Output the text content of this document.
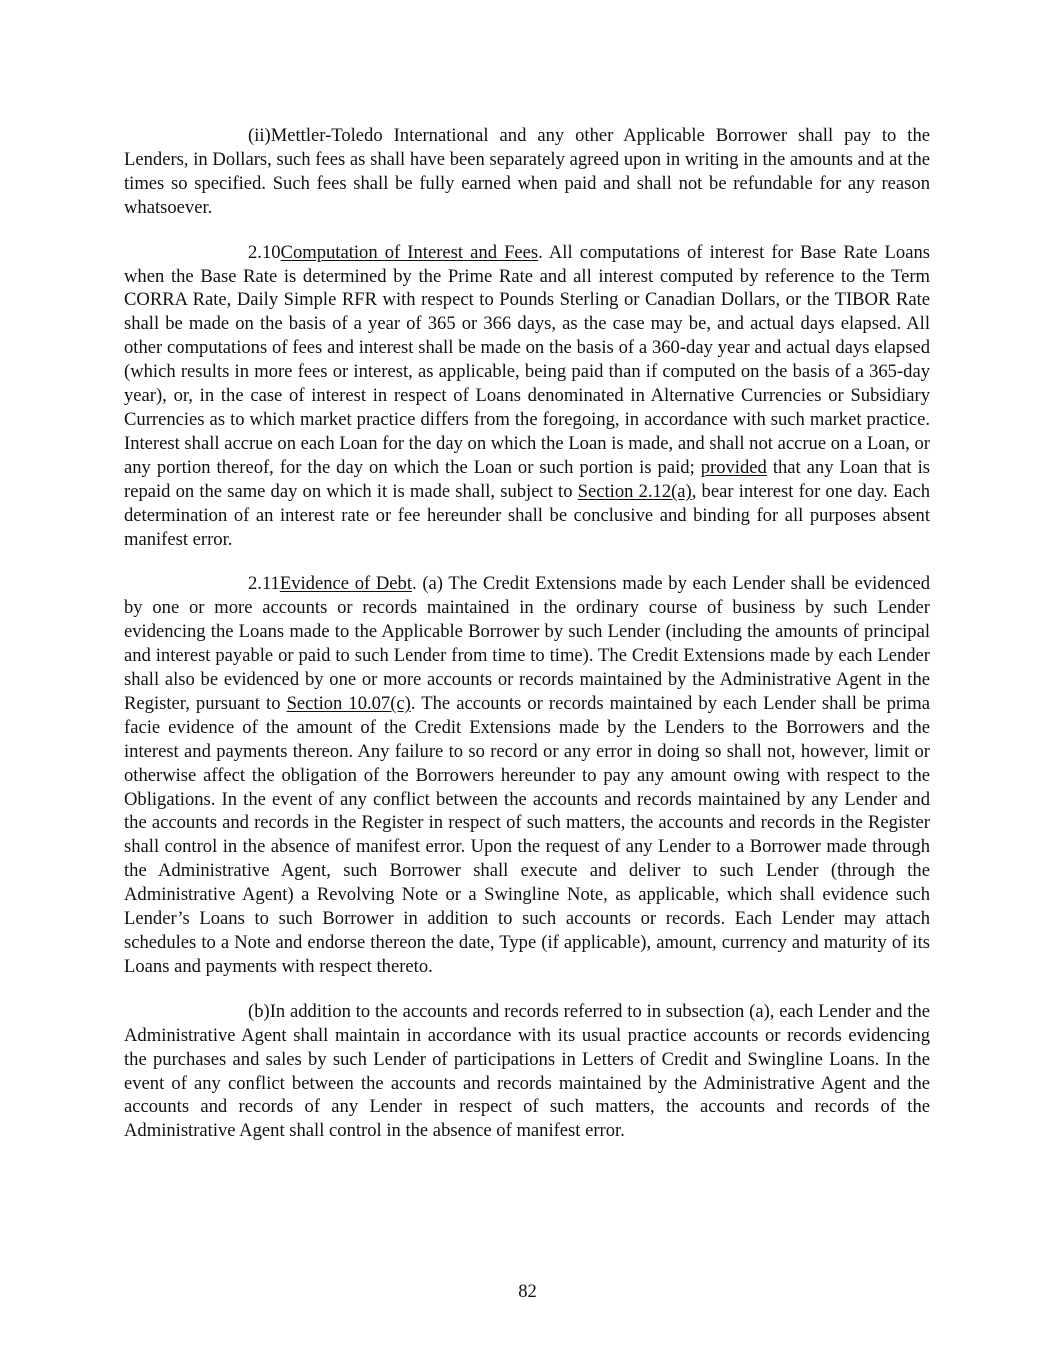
(ii)Mettler-Toledo International and any other Applicable Borrower shall pay to the Lenders, in Dollars, such fees as shall have been separately agreed upon in writing in the amounts and at the times so specified. Such fees shall be fully earned when paid and shall not be refundable for any reason whatsoever.

2.10Computation of Interest and Fees. All computations of interest for Base Rate Loans when the Base Rate is determined by the Prime Rate and all interest computed by reference to the Term CORRA Rate, Daily Simple RFR with respect to Pounds Sterling or Canadian Dollars, or the TIBOR Rate shall be made on the basis of a year of 365 or 366 days, as the case may be, and actual days elapsed. All other computations of fees and interest shall be made on the basis of a 360-day year and actual days elapsed (which results in more fees or interest, as applicable, being paid than if computed on the basis of a 365-day year), or, in the case of interest in respect of Loans denominated in Alternative Currencies or Subsidiary Currencies as to which market practice differs from the foregoing, in accordance with such market practice. Interest shall accrue on each Loan for the day on which the Loan is made, and shall not accrue on a Loan, or any portion thereof, for the day on which the Loan or such portion is paid; provided that any Loan that is repaid on the same day on which it is made shall, subject to Section 2.12(a), bear interest for one day. Each determination of an interest rate or fee hereunder shall be conclusive and binding for all purposes absent manifest error.

2.11Evidence of Debt. (a) The Credit Extensions made by each Lender shall be evidenced by one or more accounts or records maintained in the ordinary course of business by such Lender evidencing the Loans made to the Applicable Borrower by such Lender (including the amounts of principal and interest payable or paid to such Lender from time to time). The Credit Extensions made by each Lender shall also be evidenced by one or more accounts or records maintained by the Administrative Agent in the Register, pursuant to Section 10.07(c). The accounts or records maintained by each Lender shall be prima facie evidence of the amount of the Credit Extensions made by the Lenders to the Borrowers and the interest and payments thereon. Any failure to so record or any error in doing so shall not, however, limit or otherwise affect the obligation of the Borrowers hereunder to pay any amount owing with respect to the Obligations. In the event of any conflict between the accounts and records maintained by any Lender and the accounts and records in the Register in respect of such matters, the accounts and records in the Register shall control in the absence of manifest error. Upon the request of any Lender to a Borrower made through the Administrative Agent, such Borrower shall execute and deliver to such Lender (through the Administrative Agent) a Revolving Note or a Swingline Note, as applicable, which shall evidence such Lender’s Loans to such Borrower in addition to such accounts or records. Each Lender may attach schedules to a Note and endorse thereon the date, Type (if applicable), amount, currency and maturity of its Loans and payments with respect thereto.

(b)In addition to the accounts and records referred to in subsection (a), each Lender and the Administrative Agent shall maintain in accordance with its usual practice accounts or records evidencing the purchases and sales by such Lender of participations in Letters of Credit and Swingline Loans. In the event of any conflict between the accounts and records maintained by the Administrative Agent and the accounts and records of any Lender in respect of such matters, the accounts and records of the Administrative Agent shall control in the absence of manifest error.

82
